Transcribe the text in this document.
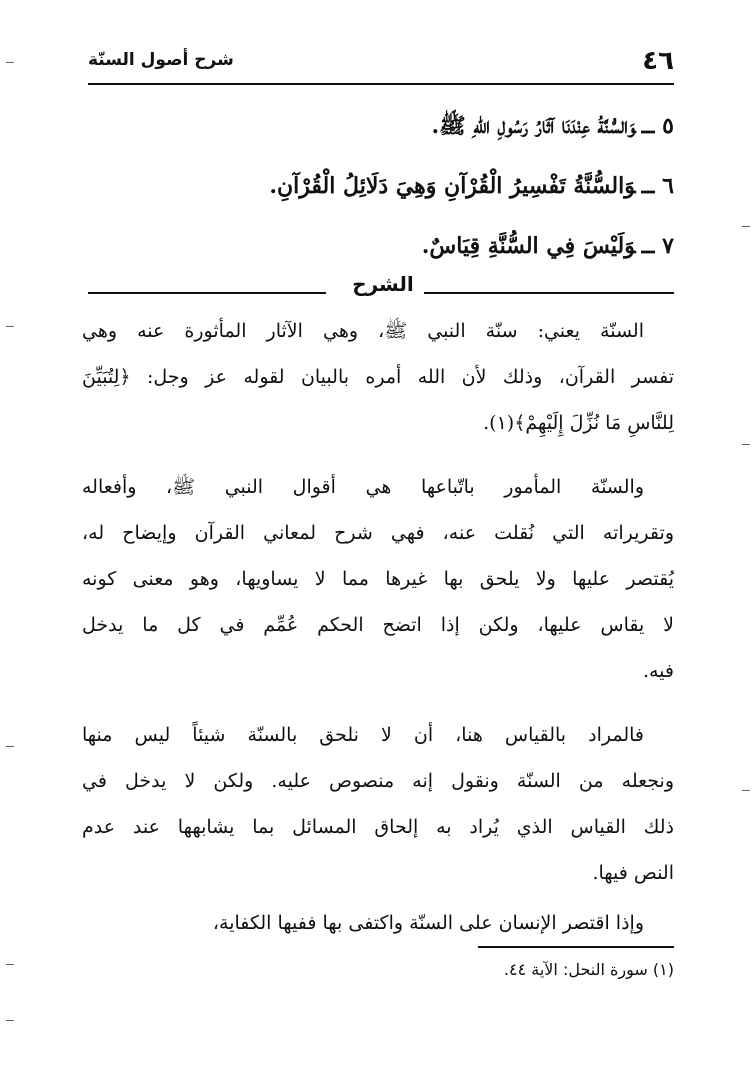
٤٦
شرح أصول السنّة
٥ ــوَالسُّنَّةُ عِنْدَنَا آثَارُ رَسُولِ اللهِ ﷺ.
٦ ــوَالسُّنَّةُ تَفْسِيرُ الْقُرْآنِ وَهِيَ دَلَائِلُ الْقُرْآنِ.
٧ ــوَلَيْسَ فِي السُّنَّةِ قِيَاسٌ.
الشرح
السنّة يعني: سنّة النبي ﷺ، وهي الآثار المأثورة عنه وهي
تفسر القرآن، وذلك لأن الله أمره بالبيان لقوله عز وجل: ﴿لِتُبَيِّنَ
لِلنَّاسِ مَا نُزِّلَ إِلَيْهِمْ﴾(١).
والسنّة المأمور باتّباعها هي أقوال النبي ﷺ، وأفعاله
وتقريراته التي نُقلت عنه، فهي شرح لمعاني القرآن وإيضاح له،
يُقتصر عليها ولا يلحق بها غيرها مما لا يساويها، وهو معنى كونه
لا يقاس عليها، ولكن إذا اتضح الحكم عُمِّم في كل ما يدخل
فيه.
فالمراد بالقياس هنا، أن لا نلحق بالسنّة شيئاً ليس منها
ونجعله من السنّة ونقول إنه منصوص عليه. ولكن لا يدخل في
ذلك القياس الذي يُراد به إلحاق المسائل بما يشابهها عند عدم
النص فيها.
وإذا اقتصر الإنسان على السنّة واكتفى بها ففيها الكفاية،
(١) سورة النحل: الآية ٤٤.
